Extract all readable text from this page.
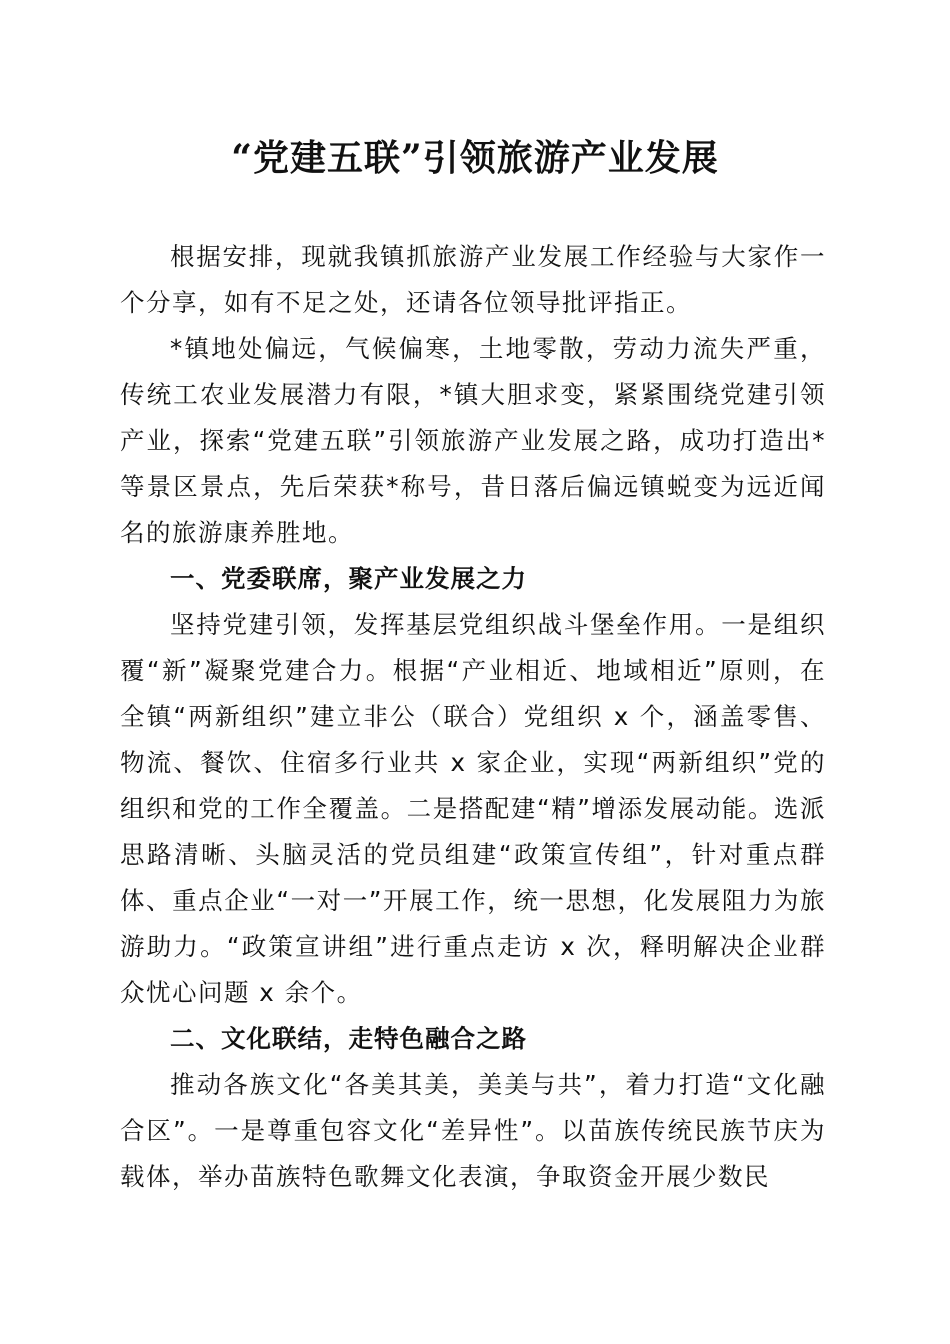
“党建五联”引领旅游产业发展

根据安排，现就我镇抓旅游产业发展工作经验与大家作一个分享，如有不足之处，还请各位领导批评指正。

*镇地处偏远，气候偏寒，土地零散，劳动力流失严重，传统工农业发展潜力有限，*镇大胆求变，紧紧围绕党建引领产业，探索“党建五联”引领旅游产业发展之路，成功打造出*等景区景点，先后荣获*称号，昔日落后偏远镇蜕变为远近闻名的旅游康养胜地。

一、党委联席，聚产业发展之力

坚持党建引领，发挥基层党组织战斗堡垒作用。一是组织覆“新”凝聚党建合力。根据“产业相近、地域相近”原则，在全镇“两新组织”建立非公（联合）党组织 x 个，涵盖零售、物流、餐饮、住宿多行业共 x 家企业，实现“两新组织”党的组织和党的工作全覆盖。二是搭配建“精”增添发展动能。选派思路清晰、头脑灵活的党员组建“政策宣传组”，针对重点群体、重点企业“一对一”开展工作，统一思想，化发展阻力为旅游助力。“政策宣讲组”进行重点走访 x 次，释明解决企业群众忧心问题 x 余个。

二、文化联结，走特色融合之路

推动各族文化“各美其美，美美与共”，着力打造“文化融合区”。一是尊重包容文化“差异性”。以苗族传统民族节庆为载体，举办苗族特色歌舞文化表演，争取资金开展少数民
